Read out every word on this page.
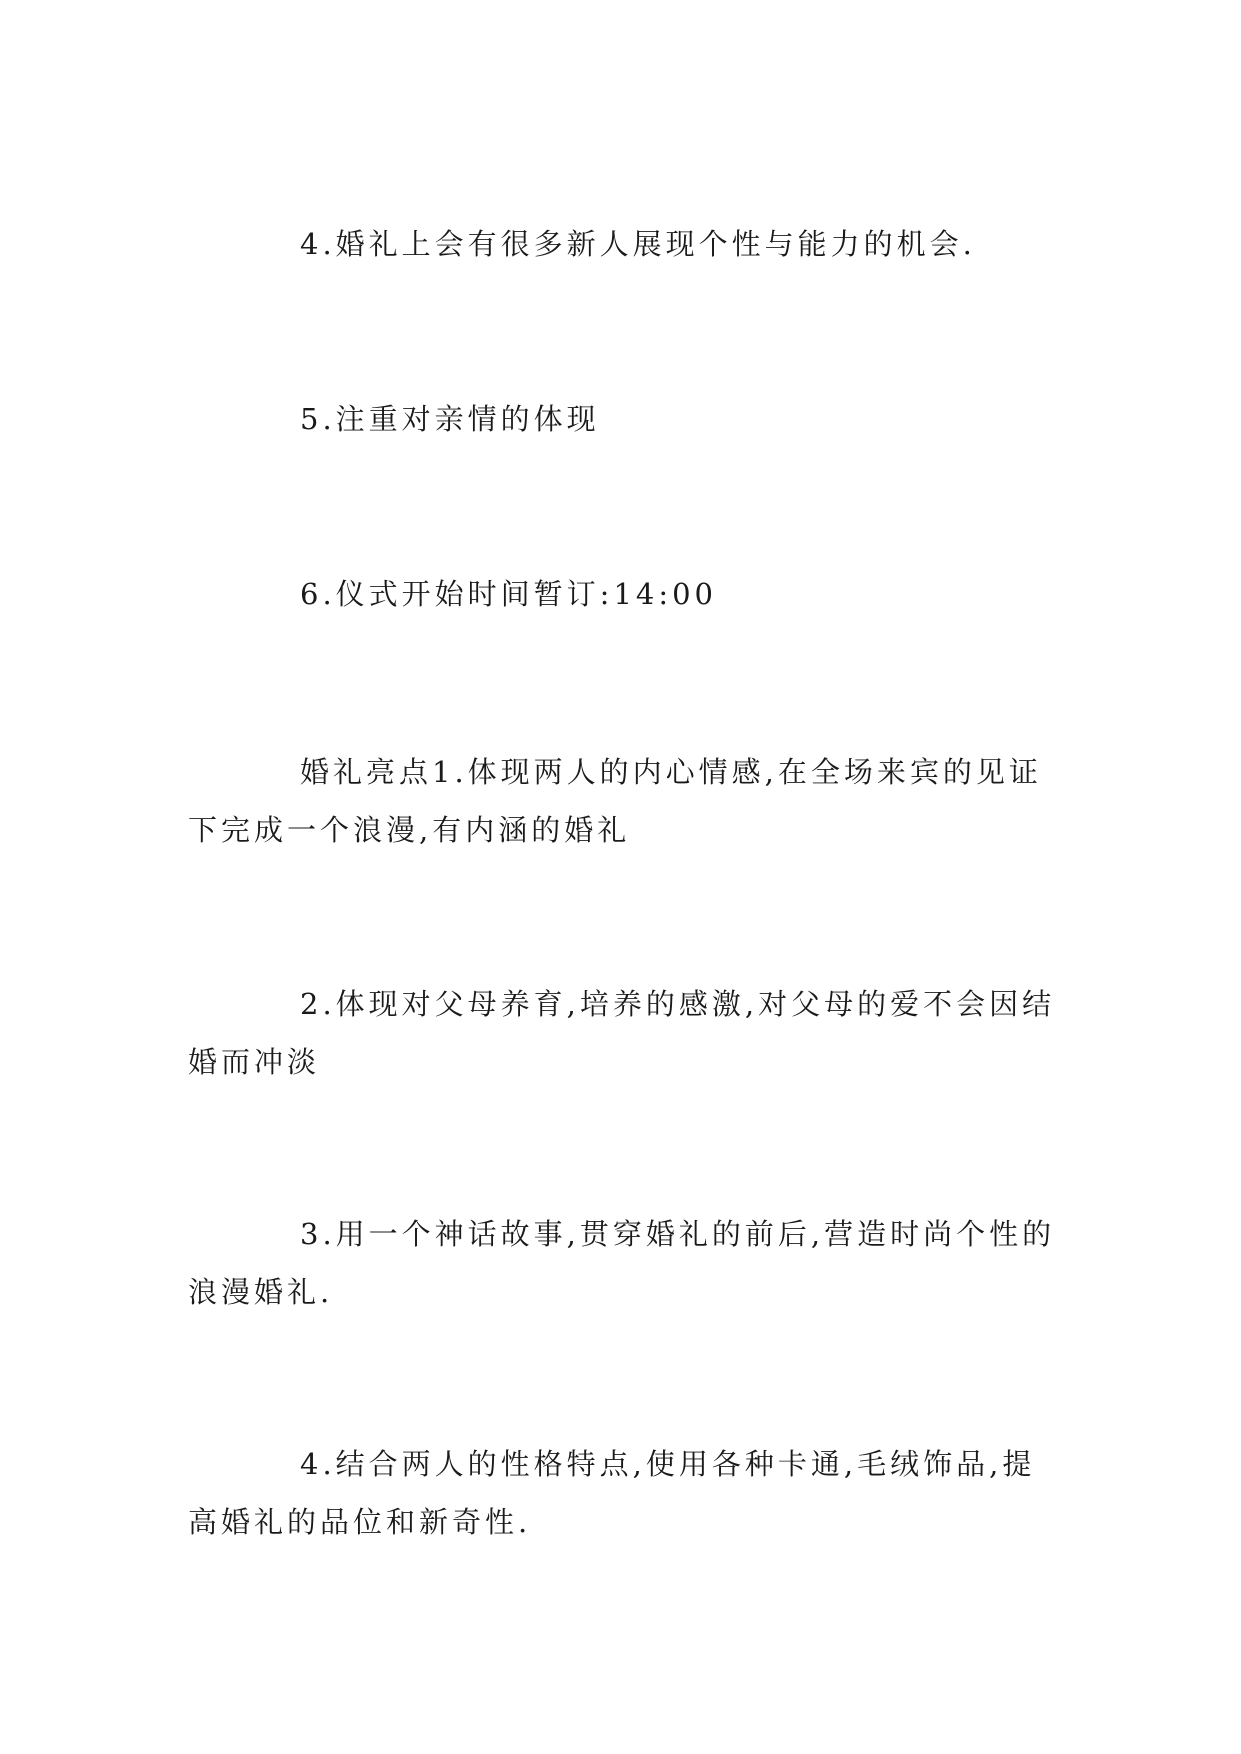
4.婚礼上会有很多新人展现个性与能力的机会.

5.注重对亲情的体现

6.仪式开始时间暂订:14:00

婚礼亮点1.体现两人的内心情感,在全场来宾的见证下完成一个浪漫,有内涵的婚礼

2.体现对父母养育,培养的感激,对父母的爱不会因结婚而冲淡

3.用一个神话故事,贯穿婚礼的前后,营造时尚个性的浪漫婚礼.

4.结合两人的性格特点,使用各种卡通,毛绒饰品,提高婚礼的品位和新奇性.
